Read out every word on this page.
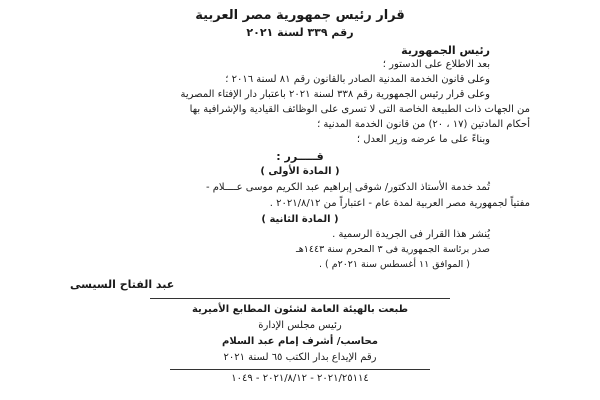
قرار رئيس جمهورية مصر العربية
رقم ٣٣٩ لسنة ٢٠٢١
رئيس الجمهورية
بعد الاطلاع على الدستور ؛
وعلى قانون الخدمة المدنية الصادر بالقانون رقم ٨١ لسنة ٢٠١٦ ؛
وعلى قرار رئيس الجمهورية رقم ٣٣٨ لسنة ٢٠٢١ باعتبار دار الإفتاء المصرية
من الجهات ذات الطبيعة الخاصة التى لا تسرى على الوظائف القيادية والإشرافية بها
أحكام المادتين (١٧ ، ٢٠) من قانون الخدمة المدنية ؛
وبناءً على ما عرضه وزير العدل ؛
قـــــرر :
( المادة الأولى )
تُمد خدمة الأستاذ الدكتور/ شوقى إبراهيم عبد الكريم موسى عــــلام -
مفتياً لجمهورية مصر العربية لمدة عام - اعتباراً من ٢٠٢١/٨/١٢ .
( المادة الثانية )
يُنشر هذا القرار فى الجريدة الرسمية .
صدر برئاسة الجمهورية فى ٣ المحرم سنة ١٤٤٣هـ
( الموافق ١١ أغسطس سنة ٢٠٢١م ) .
عبد الفتاح السيسى
طبعت بالهيئة العامة لشئون المطابع الأميرية
رئيس مجلس الإدارة
محاسب/ أشرف إمام عبد السلام
رقم الإيداع بدار الكتب ٦٥ لسنة ٢٠٢١
٢٠٢١/٢٥١١٤ - ٢٠٢١/٨/١٢ - ١٠٤٩
